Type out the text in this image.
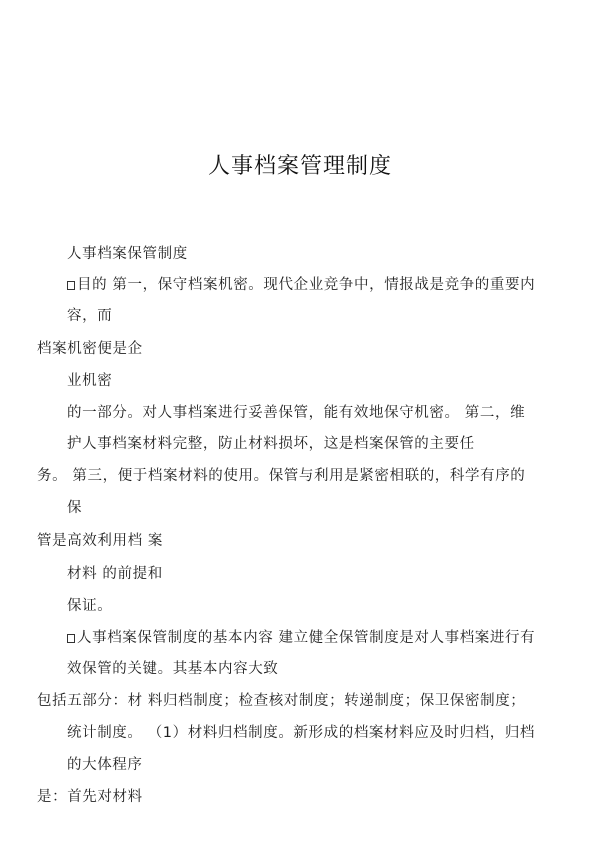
人事档案管理制度
人事档案保管制度
目的 第一，保守档案机密。现代企业竞争中，情报战是竞争的重要内
容，而
档案机密便是企
业机密
的一部分。对人事档案进行妥善保管，能有效地保守机密。 第二，维
护人事档案材料完整，防止材料损坏，这是档案保管的主要任
务。 第三，便于档案材料的使用。保管与利用是紧密相联的，科学有序的
保
管是高效利用档 案
材料 的前提和
保证。
人事档案保管制度的基本内容 建立健全保管制度是对人事档案进行有
效保管的关键。其基本内容大致
包括五部分：材 料归档制度；检查核对制度；转递制度；保卫保密制度；
统计制度。 （1）材料归档制度。新形成的档案材料应及时归档，归档
的大体程序
是：首先对材料
